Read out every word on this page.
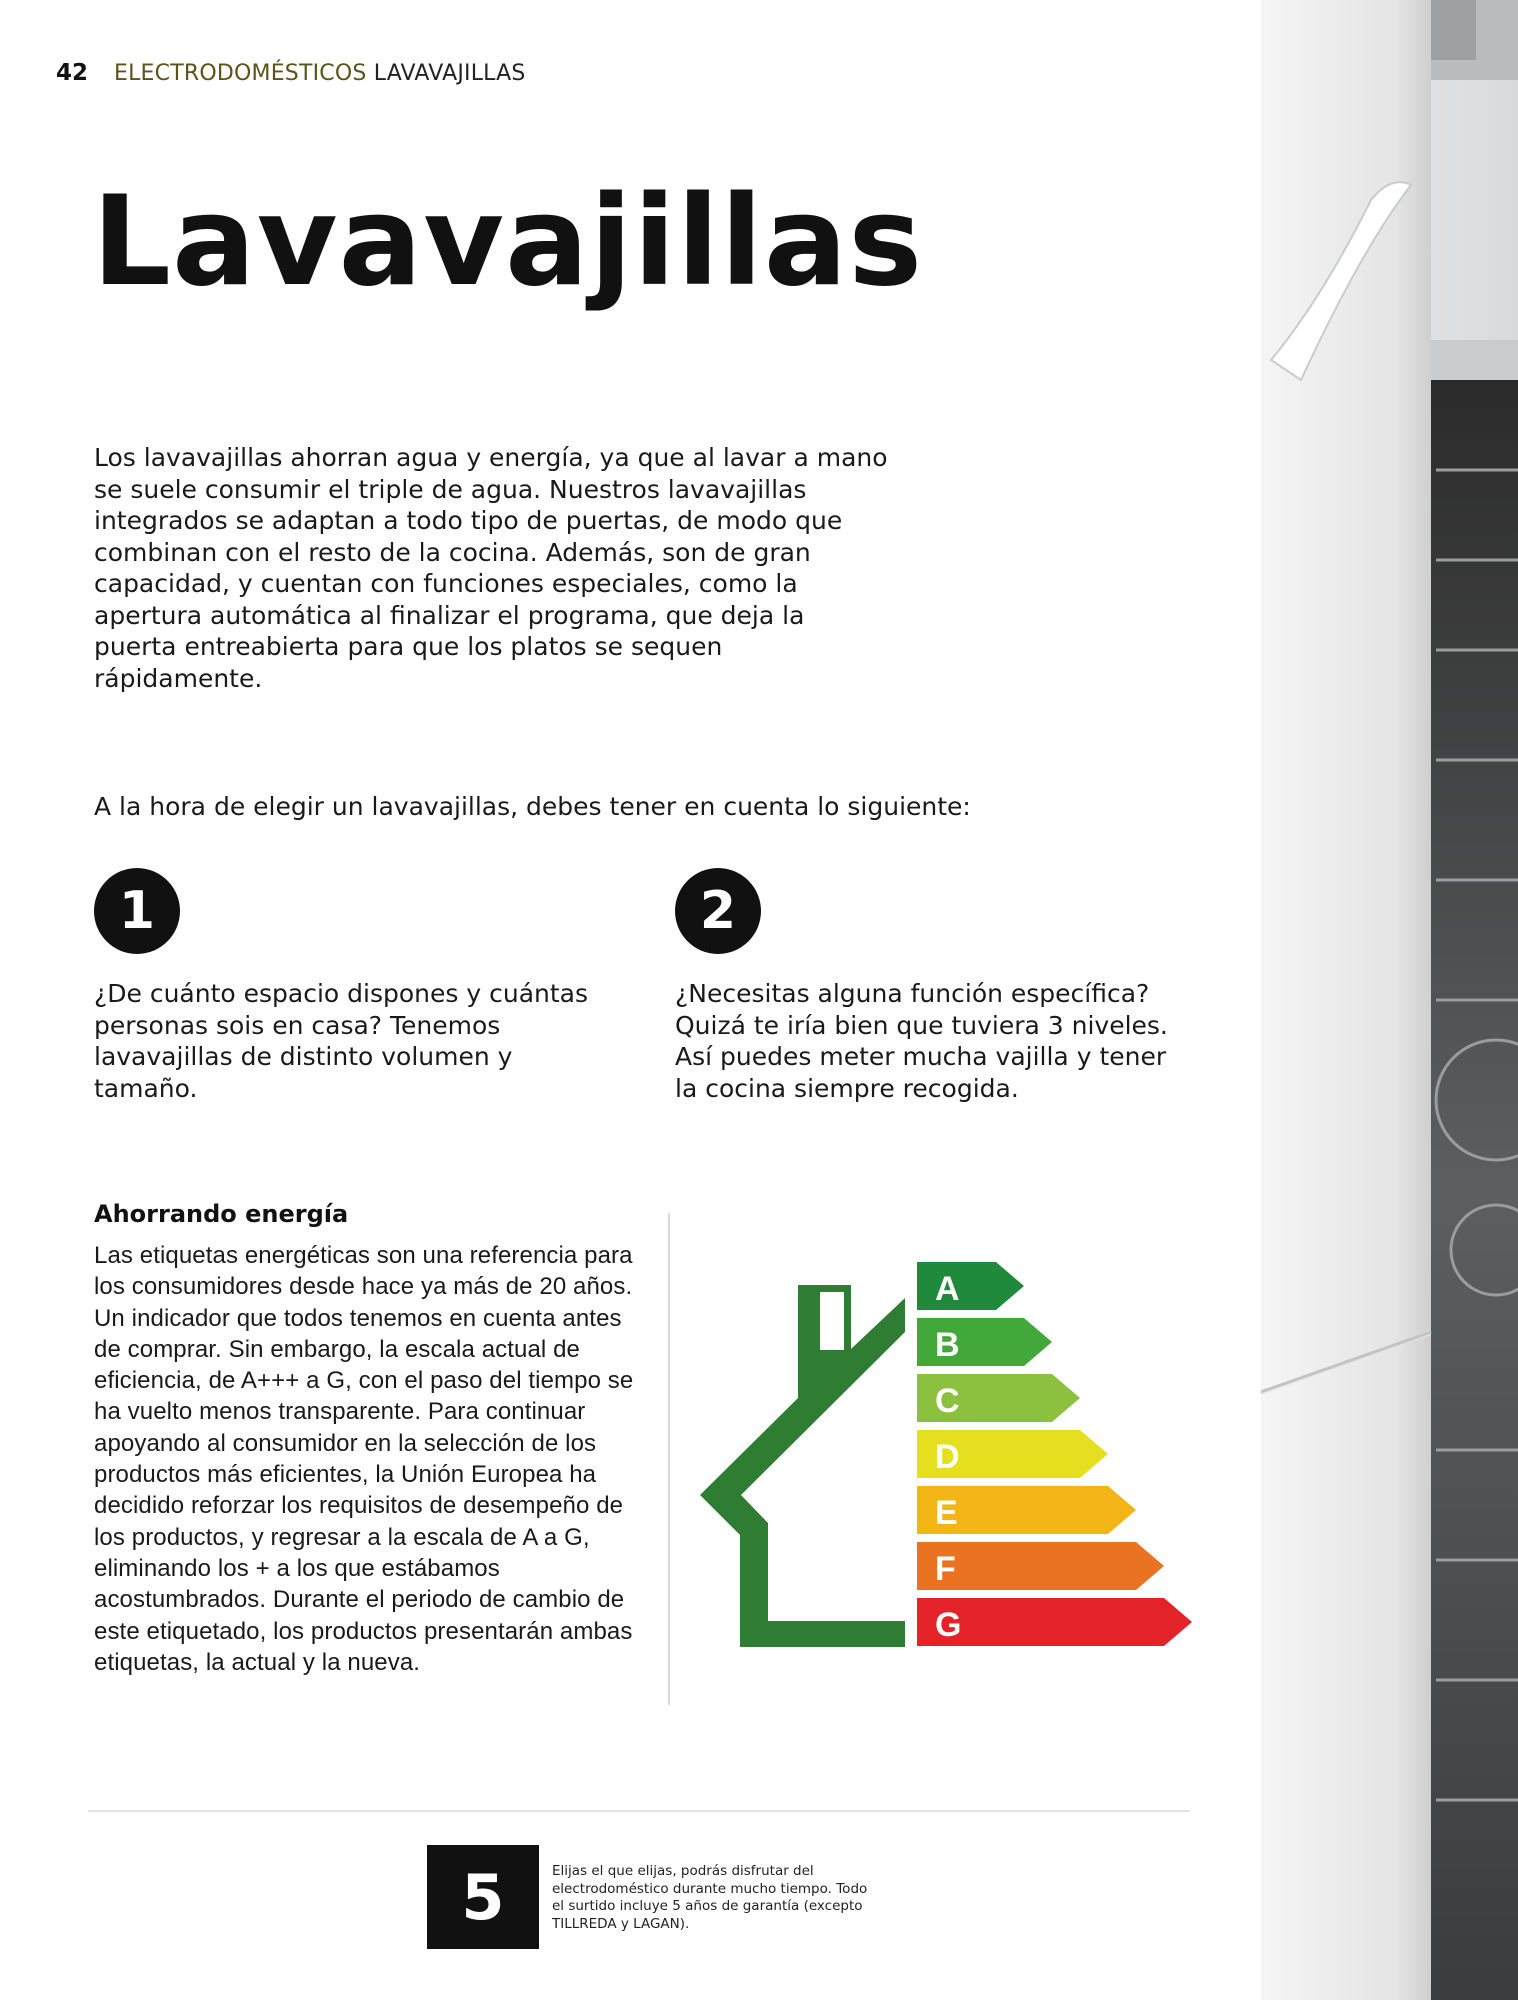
42 ELECTRODOMÉSTICOS LAVAVAJILLAS
Lavavajillas

Los lavavajillas ahorran agua y energía, ya que al lavar a mano se suele consumir el triple de agua. Nuestros lavavajillas integrados se adaptan a todo tipo de puertas, de modo que combinan con el resto de la cocina. Además, son de gran capacidad, y cuentan con funciones especiales, como la apertura automática al finalizar el programa, que deja la puerta entreabierta para que los platos se sequen rápidamente.

A la hora de elegir un lavavajillas, debes tener en cuenta lo siguiente:
1

¿De cuánto espacio dispones y cuántas personas sois en casa? Tenemos lavavajillas de distinto volumen y tamaño.

2

¿Necesitas alguna función específica? Quizá te iría bien que tuviera 3 niveles. Así puedes meter mucha vajilla y tener la cocina siempre recogida.

Ahorrando energía

Las etiquetas energéticas son una referencia para los consumidores desde hace ya más de 20 años. Un indicador que todos tenemos en cuenta antes de comprar. Sin embargo, la escala actual de eficiencia, de A+++ a G, con el paso del tiempo se ha vuelto menos transparente. Para continuar apoyando al consumidor en la selección de los productos más eficientes, la Unión Europea ha decidido reforzar los requisitos de desempeño de los productos, y regresar a la escala de A a G, eliminando los + a los que estábamos acostumbrados. Durante el periodo de cambio de este etiquetado, los productos presentarán ambas etiquetas, la actual y la nueva.

A
B
C
D
E
F
G
5	Elijas el que elijas, podrás disfrutar del electrodoméstico durante mucho tiempo. Todo el surtido incluye 5 años de garantía (excepto TILLREDA y LAGAN).
